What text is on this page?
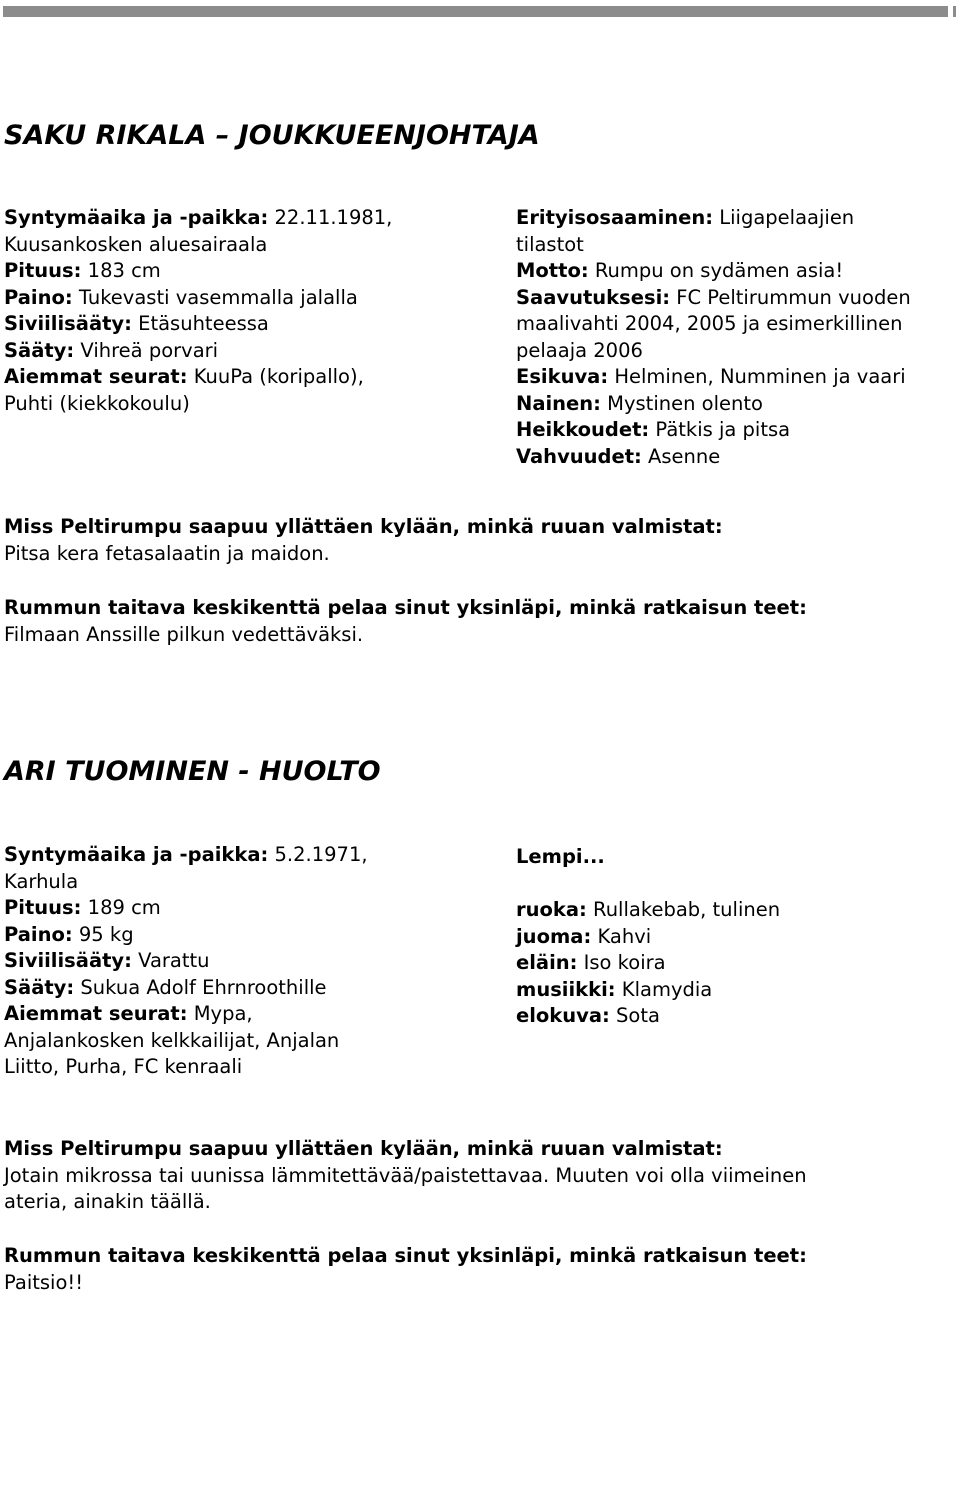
SAKU RIKALA – JOUKKUEENJOHTAJA
Syntymäaika ja -paikka: 22.11.1981,
Kuusankosken aluesairaala
Pituus: 183 cm
Paino: Tukevasti vasemmalla jalalla
Siviilisääty: Etäsuhteessa
Sääty: Vihreä porvari
Aiemmat seurat: KuuPa (koripallo),
Puhti (kiekkokoulu)
Erityisosaaminen: Liigapelaajien
tilastot
Motto: Rumpu on sydämen asia!
Saavutuksesi: FC Peltirummun vuoden
maalivahti 2004, 2005 ja esimerkillinen
pelaaja 2006
Esikuva: Helminen, Numminen ja vaari
Nainen: Mystinen olento
Heikkoudet: Pätkis ja pitsa
Vahvuudet: Asenne
Miss Peltirumpu saapuu yllättäen kylään, minkä ruuan valmistat:
Pitsa kera fetasalaatin ja maidon.
Rummun taitava keskikenttä pelaa sinut yksinläpi, minkä ratkaisun teet:
Filmaan Anssille pilkun vedettäväksi.
ARI TUOMINEN - HUOLTO
Syntymäaika ja -paikka: 5.2.1971,
Karhula
Pituus: 189 cm
Paino: 95 kg
Siviilisääty: Varattu
Sääty: Sukua Adolf Ehrnroothille
Aiemmat seurat: Mypa,
Anjalankosken kelkkailijat, Anjalan
Liitto, Purha, FC kenraali
Lempi...
ruoka: Rullakebab, tulinen
juoma: Kahvi
eläin: Iso koira
musiikki: Klamydia
elokuva: Sota
Miss Peltirumpu saapuu yllättäen kylään, minkä ruuan valmistat:
Jotain mikrossa tai uunissa lämmitettävää/paistettavaa. Muuten voi olla viimeinen
ateria, ainakin täällä.
Rummun taitava keskikenttä pelaa sinut yksinläpi, minkä ratkaisun teet:
Paitsio!!
